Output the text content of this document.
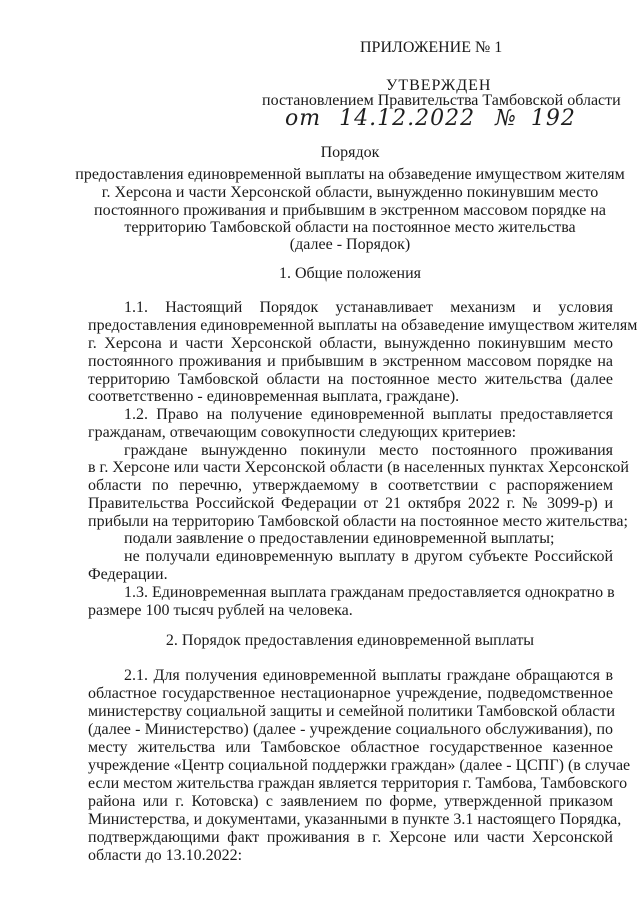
ПРИЛОЖЕНИЕ № 1
УТВЕРЖДЕН
постановлением Правительства Тамбовской области
от 14.12.2022 № 192
Порядок
предоставления единовременной выплаты на обзаведение имуществом жителям
г. Херсона и части Херсонской области, вынужденно покинувшим место
постоянного проживания и прибывшим в экстренном массовом порядке на
территорию Тамбовской области на постоянное место жительства
(далее - Порядок)
1. Общие положения
1.1. Настоящий Порядок устанавливает механизм и условия
предоставления единовременной выплаты на обзаведение имуществом жителям
г. Херсона и части Херсонской области, вынужденно покинувшим место
постоянного проживания и прибывшим в экстренном массовом порядке на
территорию Тамбовской области на постоянное место жительства (далее
соответственно - единовременная выплата, граждане).
1.2. Право на получение единовременной выплаты предоставляется
гражданам, отвечающим совокупности следующих критериев:
граждане вынужденно покинули место постоянного проживания
в г. Херсоне или части Херсонской области (в населенных пунктах Херсонской
области по перечню, утверждаемому в соответствии с распоряжением
Правительства Российской Федерации от 21 октября 2022 г. № 3099-р) и
прибыли на территорию Тамбовской области на постоянное место жительства;
подали заявление о предоставлении единовременной выплаты;
не получали единовременную выплату в другом субъекте Российской
Федерации.
1.3. Единовременная выплата гражданам предоставляется однократно в
размере 100 тысяч рублей на человека.
2. Порядок предоставления единовременной выплаты
2.1. Для получения единовременной выплаты граждане обращаются в
областное государственное нестационарное учреждение, подведомственное
министерству социальной защиты и семейной политики Тамбовской области
(далее - Министерство) (далее - учреждение социального обслуживания), по
месту жительства или Тамбовское областное государственное казенное
учреждение «Центр социальной поддержки граждан» (далее - ЦСПГ) (в случае
если местом жительства граждан является территория г. Тамбова, Тамбовского
района или г. Котовска) с заявлением по форме, утвержденной приказом
Министерства, и документами, указанными в пункте 3.1 настоящего Порядка,
подтверждающими факт проживания в г. Херсоне или части Херсонской
области до 13.10.2022:
